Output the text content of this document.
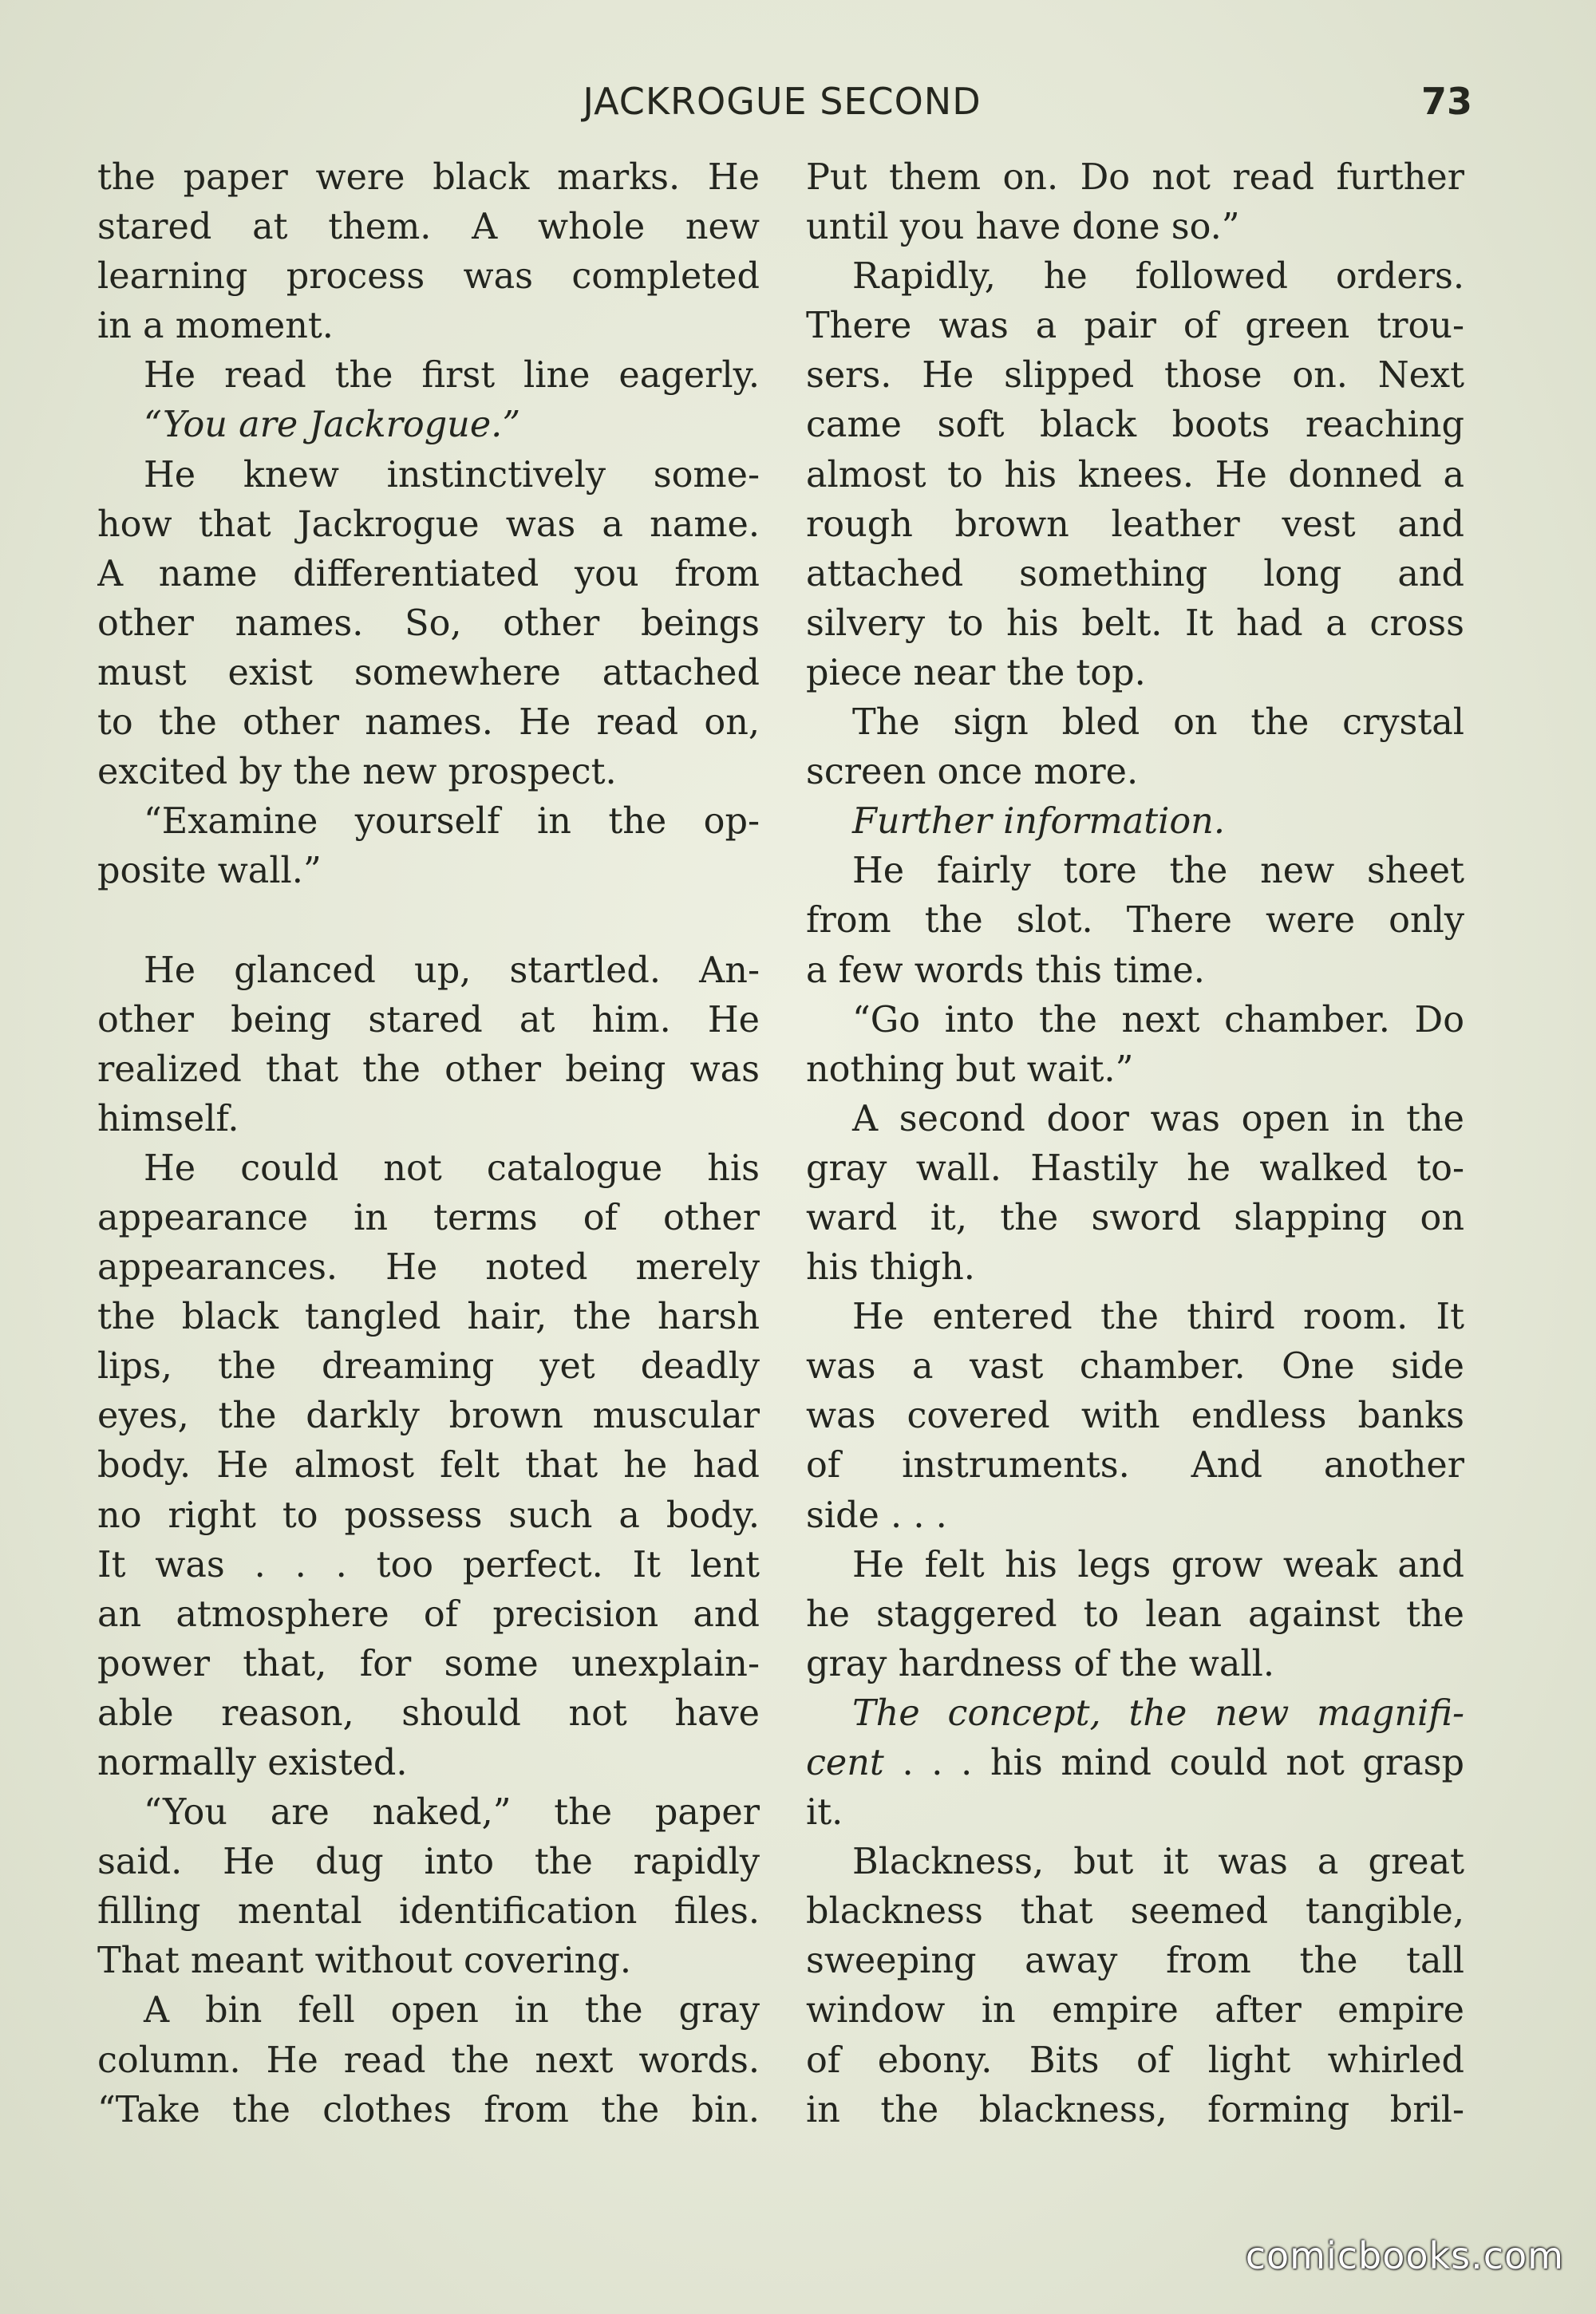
JACKROGUE SECOND	73
the paper were black marks. He
stared at them. A whole new
learning process was completed
in a moment.
He read the first line eagerly.
“You are Jackrogue.”
He knew instinctively some-
how that Jackrogue was a name.
A name differentiated you from
other names. So, other beings
must exist somewhere attached
to the other names. He read on,
excited by the new prospect.
“Examine yourself in the op-
posite wall.”
He glanced up, startled. An-
other being stared at him. He
realized that the other being was
himself.
He could not catalogue his
appearance in terms of other
appearances. He noted merely
the black tangled hair, the harsh
lips, the dreaming yet deadly
eyes, the darkly brown muscular
body. He almost felt that he had
no right to possess such a body.
It was . . . too perfect. It lent
an atmosphere of precision and
power that, for some unexplain-
able reason, should not have
normally existed.
“You are naked,” the paper
said. He dug into the rapidly
filling mental identification files.
That meant without covering.
A bin fell open in the gray
column. He read the next words.
“Take the clothes from the bin.
Put them on. Do not read further
until you have done so.”
Rapidly, he followed orders.
There was a pair of green trou-
sers. He slipped those on. Next
came soft black boots reaching
almost to his knees. He donned a
rough brown leather vest and
attached something long and
silvery to his belt. It had a cross
piece near the top.
The sign bled on the crystal
screen once more.
Further information.
He fairly tore the new sheet
from the slot. There were only
a few words this time.
“Go into the next chamber. Do
nothing but wait.”
A second door was open in the
gray wall. Hastily he walked to-
ward it, the sword slapping on
his thigh.
He entered the third room. It
was a vast chamber. One side
was covered with endless banks
of instruments. And another
side . . .
He felt his legs grow weak and
he staggered to lean against the
gray hardness of the wall.
The concept, the new magnifi-
cent . . . his mind could not grasp
it.
Blackness, but it was a great
blackness that seemed tangible,
sweeping away from the tall
window in empire after empire
of ebony. Bits of light whirled
in the blackness, forming bril-
comicbooks.com
